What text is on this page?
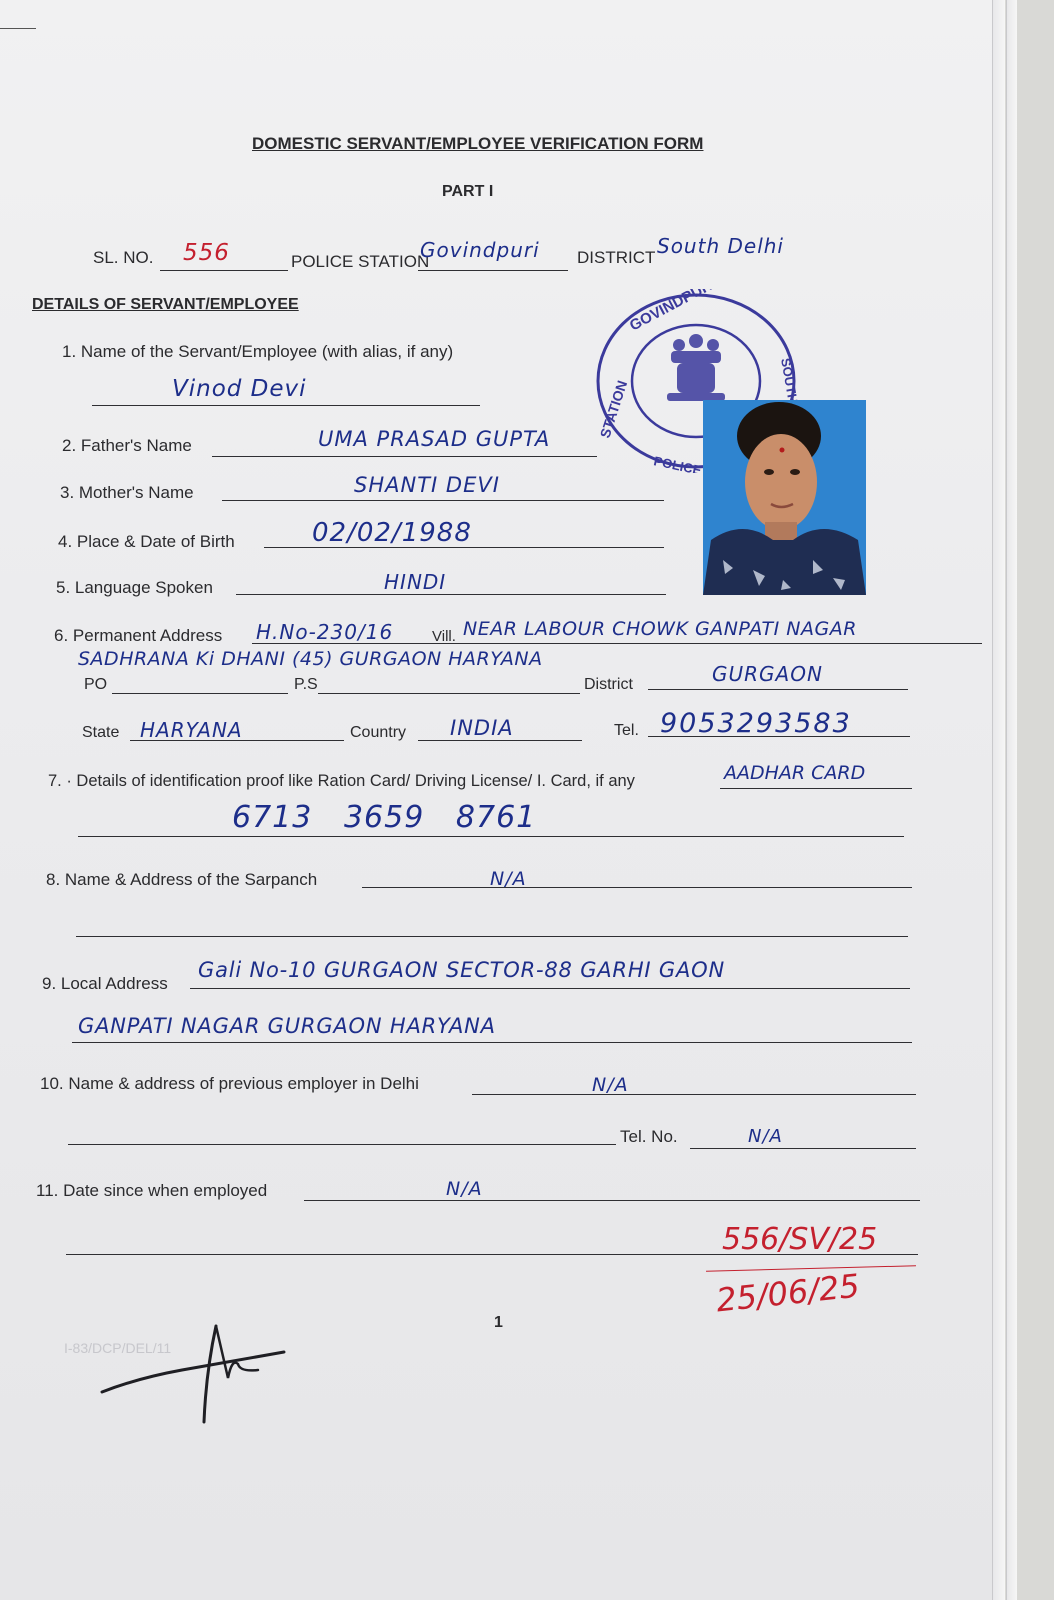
DOMESTIC SERVANT/EMPLOYEE VERIFICATION FORM
PART I
SL. NO. 556	POLICE STATION
Govindpuri DISTRICT South Delhi
DETAILS OF SERVANT/EMPLOYEE
STATION
POLICE
1. Name of the Servant/Employee (with alias, if any)
Vinod Devi
2. Father's Name	UMA PRASAD GUPTA
3. Mother's Name	SHANTI DEVI
4. Place & Date of Birth	02/02/1988
5. Language Spoken	HINDI
6. Permanent Address H.No-230/16	Vill. NEAR LABOUR CHOWK GANPATI NAGAR
SADHRANA Ki DHANI (45) GURGAON HARYANA
PO	P.S	District	GURGAON
State HARYANA	Country INDIA	Tel. 9053293583
7. · Details of identification proof like Ration Card/ Driving License/ I. Card, if any	AADHAR CARD
6713   3659   8761
8. Name & Address of the Sarpanch	N/A
9. Local Address
Gali No-10 GURGAON SECTOR-88 GARHI GAON
GANPATI NAGAR GURGAON HARYANA
10. Name & address of previous employer in Delhi	N/A
Tel. No.	N/A
11. Date since when employed	N/A
556/SV/25
25/06/25
1
I-83/DCP/DEL/11
